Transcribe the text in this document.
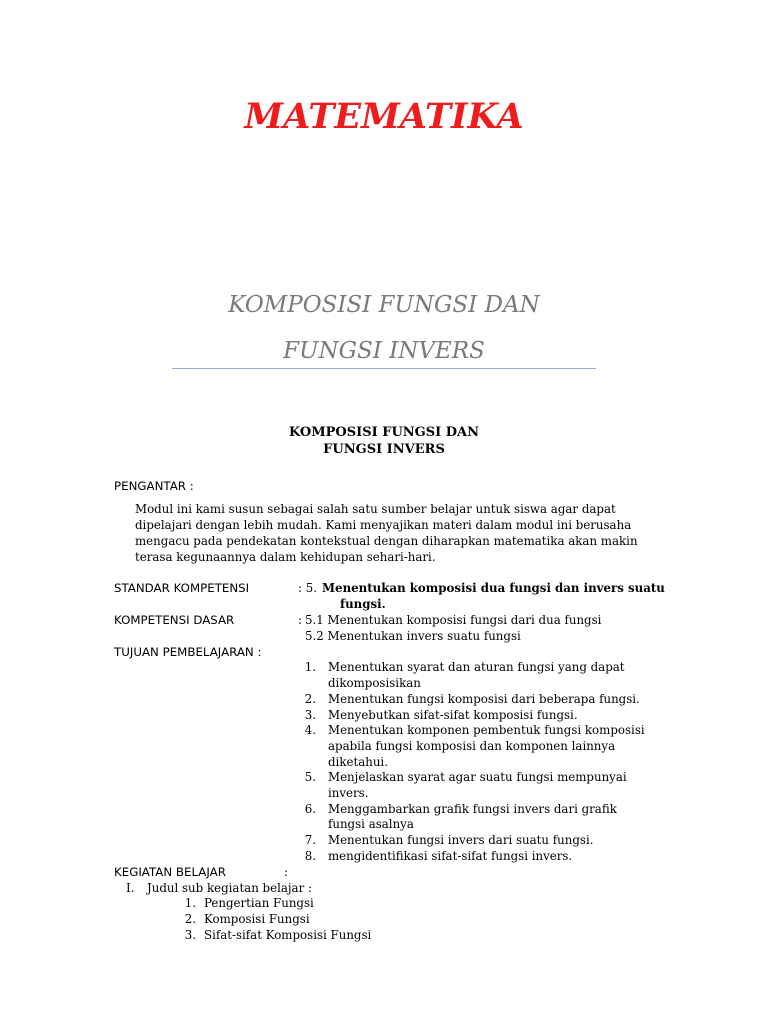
MATEMATIKA
KOMPOSISI FUNGSI DAN
FUNGSI INVERS
KOMPOSISI FUNGSI DAN
FUNGSI INVERS
PENGANTAR :
Modul ini kami susun sebagai salah satu sumber belajar untuk siswa agar dapat
dipelajari dengan lebih mudah. Kami menyajikan materi dalam modul ini berusaha
mengacu pada pendekatan kontekstual dengan diharapkan matematika akan makin
terasa kegunaannya dalam kehidupan sehari-hari.
STANDAR KOMPETENSI	: 5. Menentukan komposisi dua fungsi dan invers suatu
fungsi.
KOMPETENSI DASAR	: 5.1 Menentukan komposisi fungsi dari dua fungsi
5.2 Menentukan invers suatu fungsi
TUJUAN PEMBELAJARAN :
1. Menentukan syarat dan aturan fungsi yang dapat
dikomposisikan
2. Menentukan fungsi komposisi dari beberapa fungsi.
3. Menyebutkan sifat-sifat komposisi fungsi.
4. Menentukan komponen pembentuk fungsi komposisi
apabila fungsi komposisi dan komponen lainnya
diketahui.
5. Menjelaskan syarat agar suatu fungsi mempunyai
invers.
6. Menggambarkan grafik fungsi invers dari grafik
fungsi asalnya
7. Menentukan fungsi invers dari suatu fungsi.
8. mengidentifikasi sifat-sifat fungsi invers.
KEGIATAN BELAJAR	:
I. Judul sub kegiatan belajar :
1. Pengertian Fungsi
2. Komposisi Fungsi
3. Sifat-sifat Komposisi Fungsi
